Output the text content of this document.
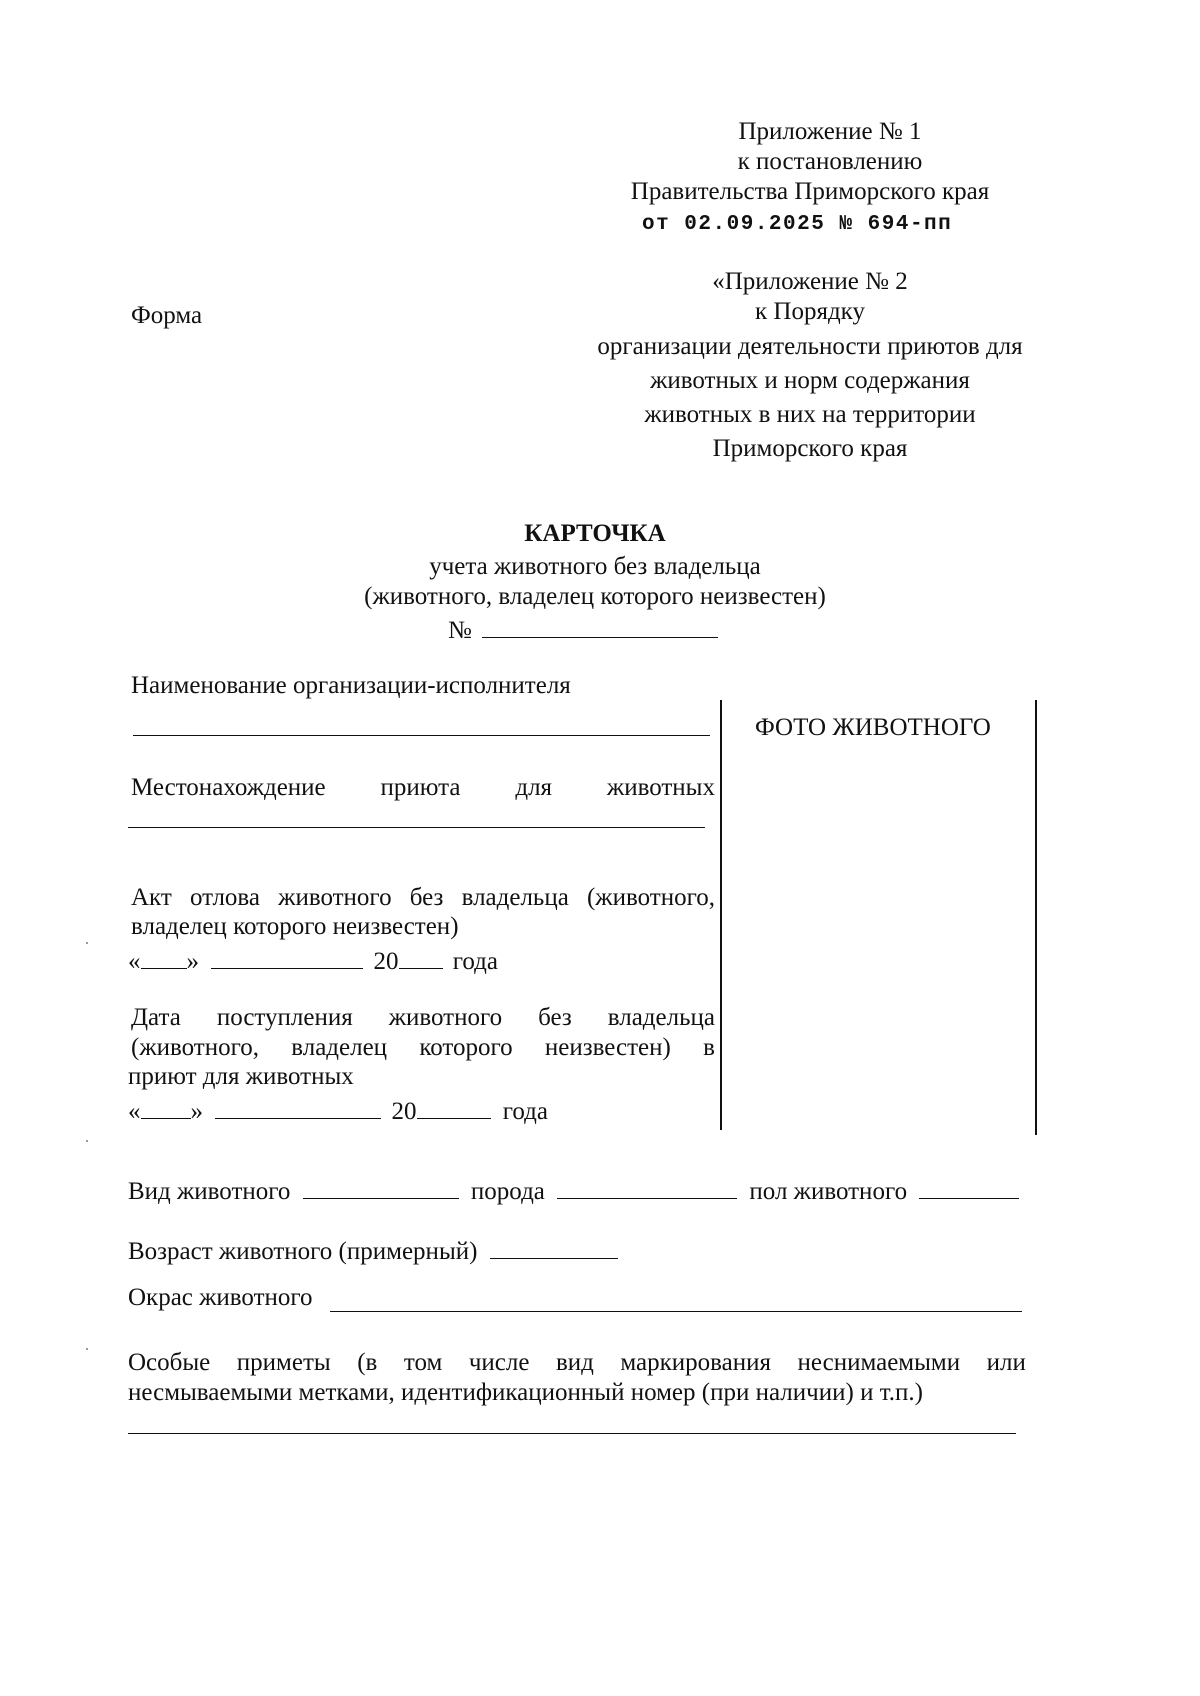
Приложение № 1
к постановлению
Правительства Приморского края
от 02.09.2025 № 694-пп
Форма
«Приложение № 2
к Порядку
организации деятельности приютов для
животных и норм содержания
животных в них на территории
Приморского края
КАРТОЧКА
учета животного без владельца
(животного, владелец которого неизвестен)
№
Наименование организации-исполнителя
ФОТО ЖИВОТНОГО
Местонахождение приюта для животных
Акт отлова животного без владельца (животного,
владелец которого неизвестен)
« »	20 года
Дата поступления животного без владельца
(животного, владелец которого неизвестен) в
приют для животных
« »	20	года
Вид животного	порода	пол животного
Возраст животного (примерный)
Окрас животного
Особые приметы (в том числе вид маркирования неснимаемыми или
несмываемыми метками, идентификационный номер (при наличии) и т.п.)
